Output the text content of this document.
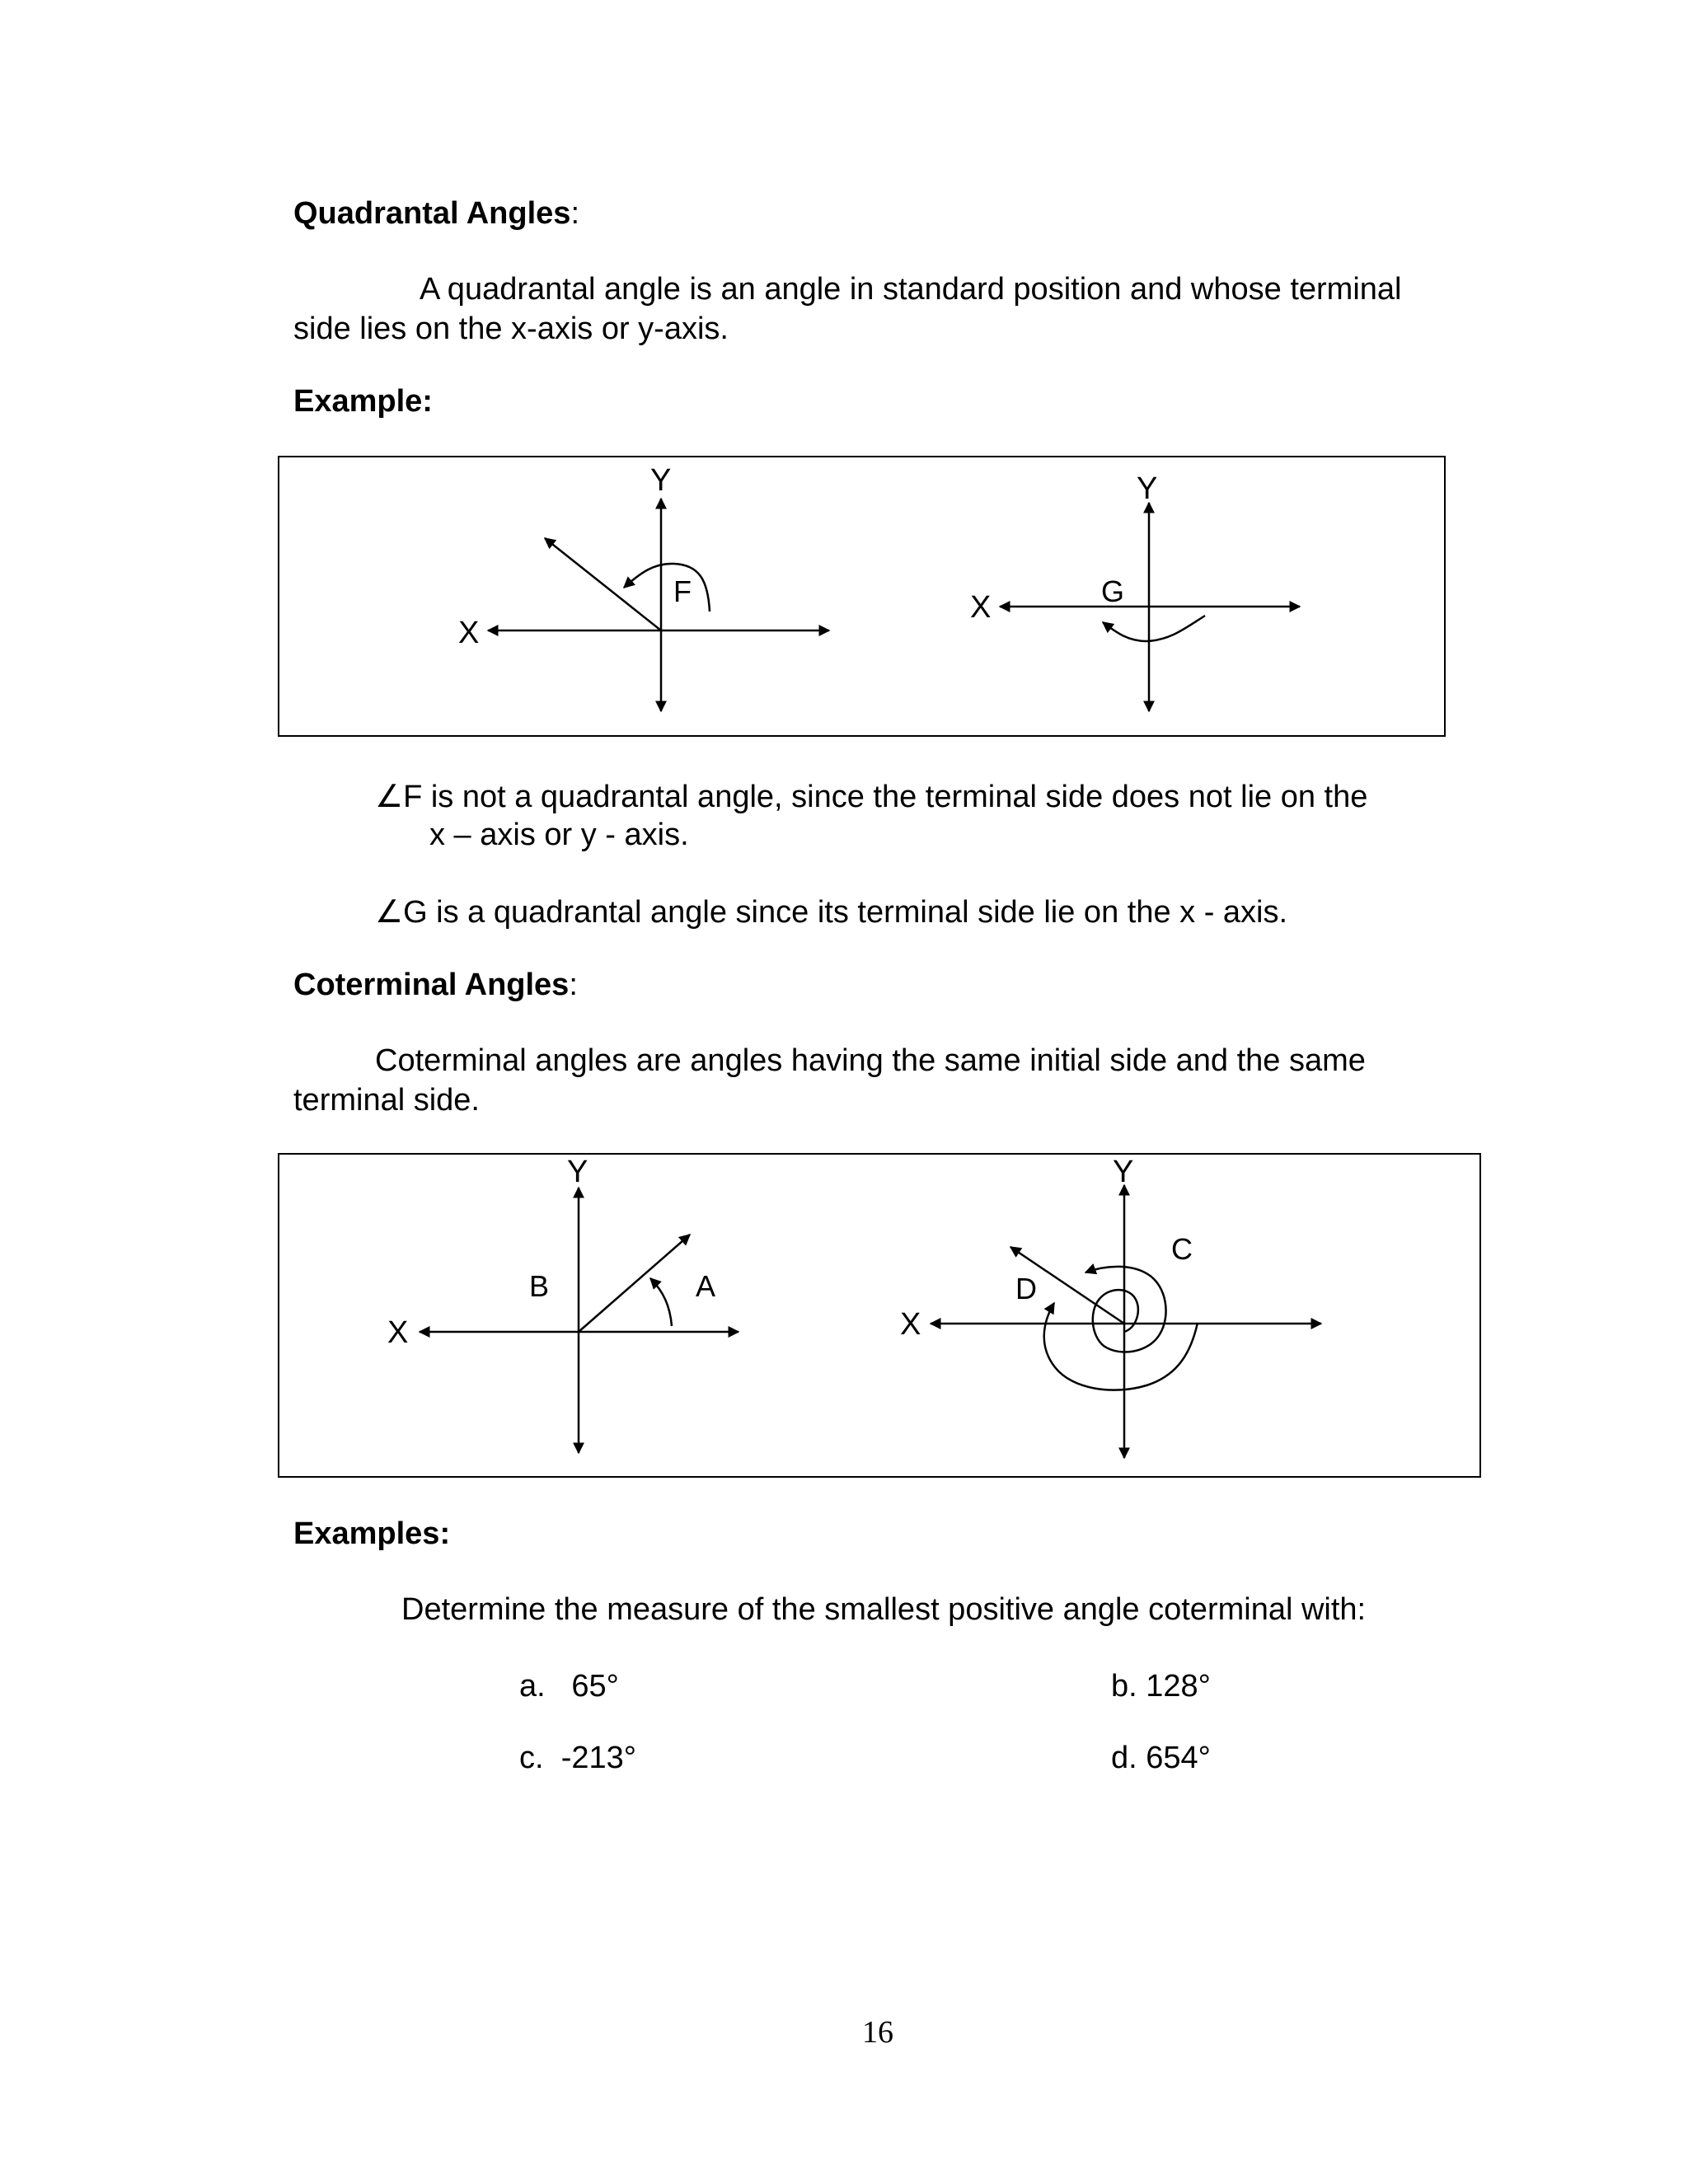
Quadrantal Angles:
A quadrantal angle is an angle in standard position and whose terminal
side lies on the x-axis or y-axis.
Example:
Y
X
F
Y
X	G
∠F is not a quadrantal angle, since the terminal side does not lie on the
x – axis or y - axis.
∠G is a quadrantal angle since its terminal side lie on the x - axis.
Coterminal Angles:
Coterminal angles are angles having the same initial side and the same
terminal side.
Y
X
B	A
Y
X
C
D
Examples:
Determine the measure of the smallest positive angle coterminal with:
a. 65°	b. 128°
c. -213°	d. 654°
16
